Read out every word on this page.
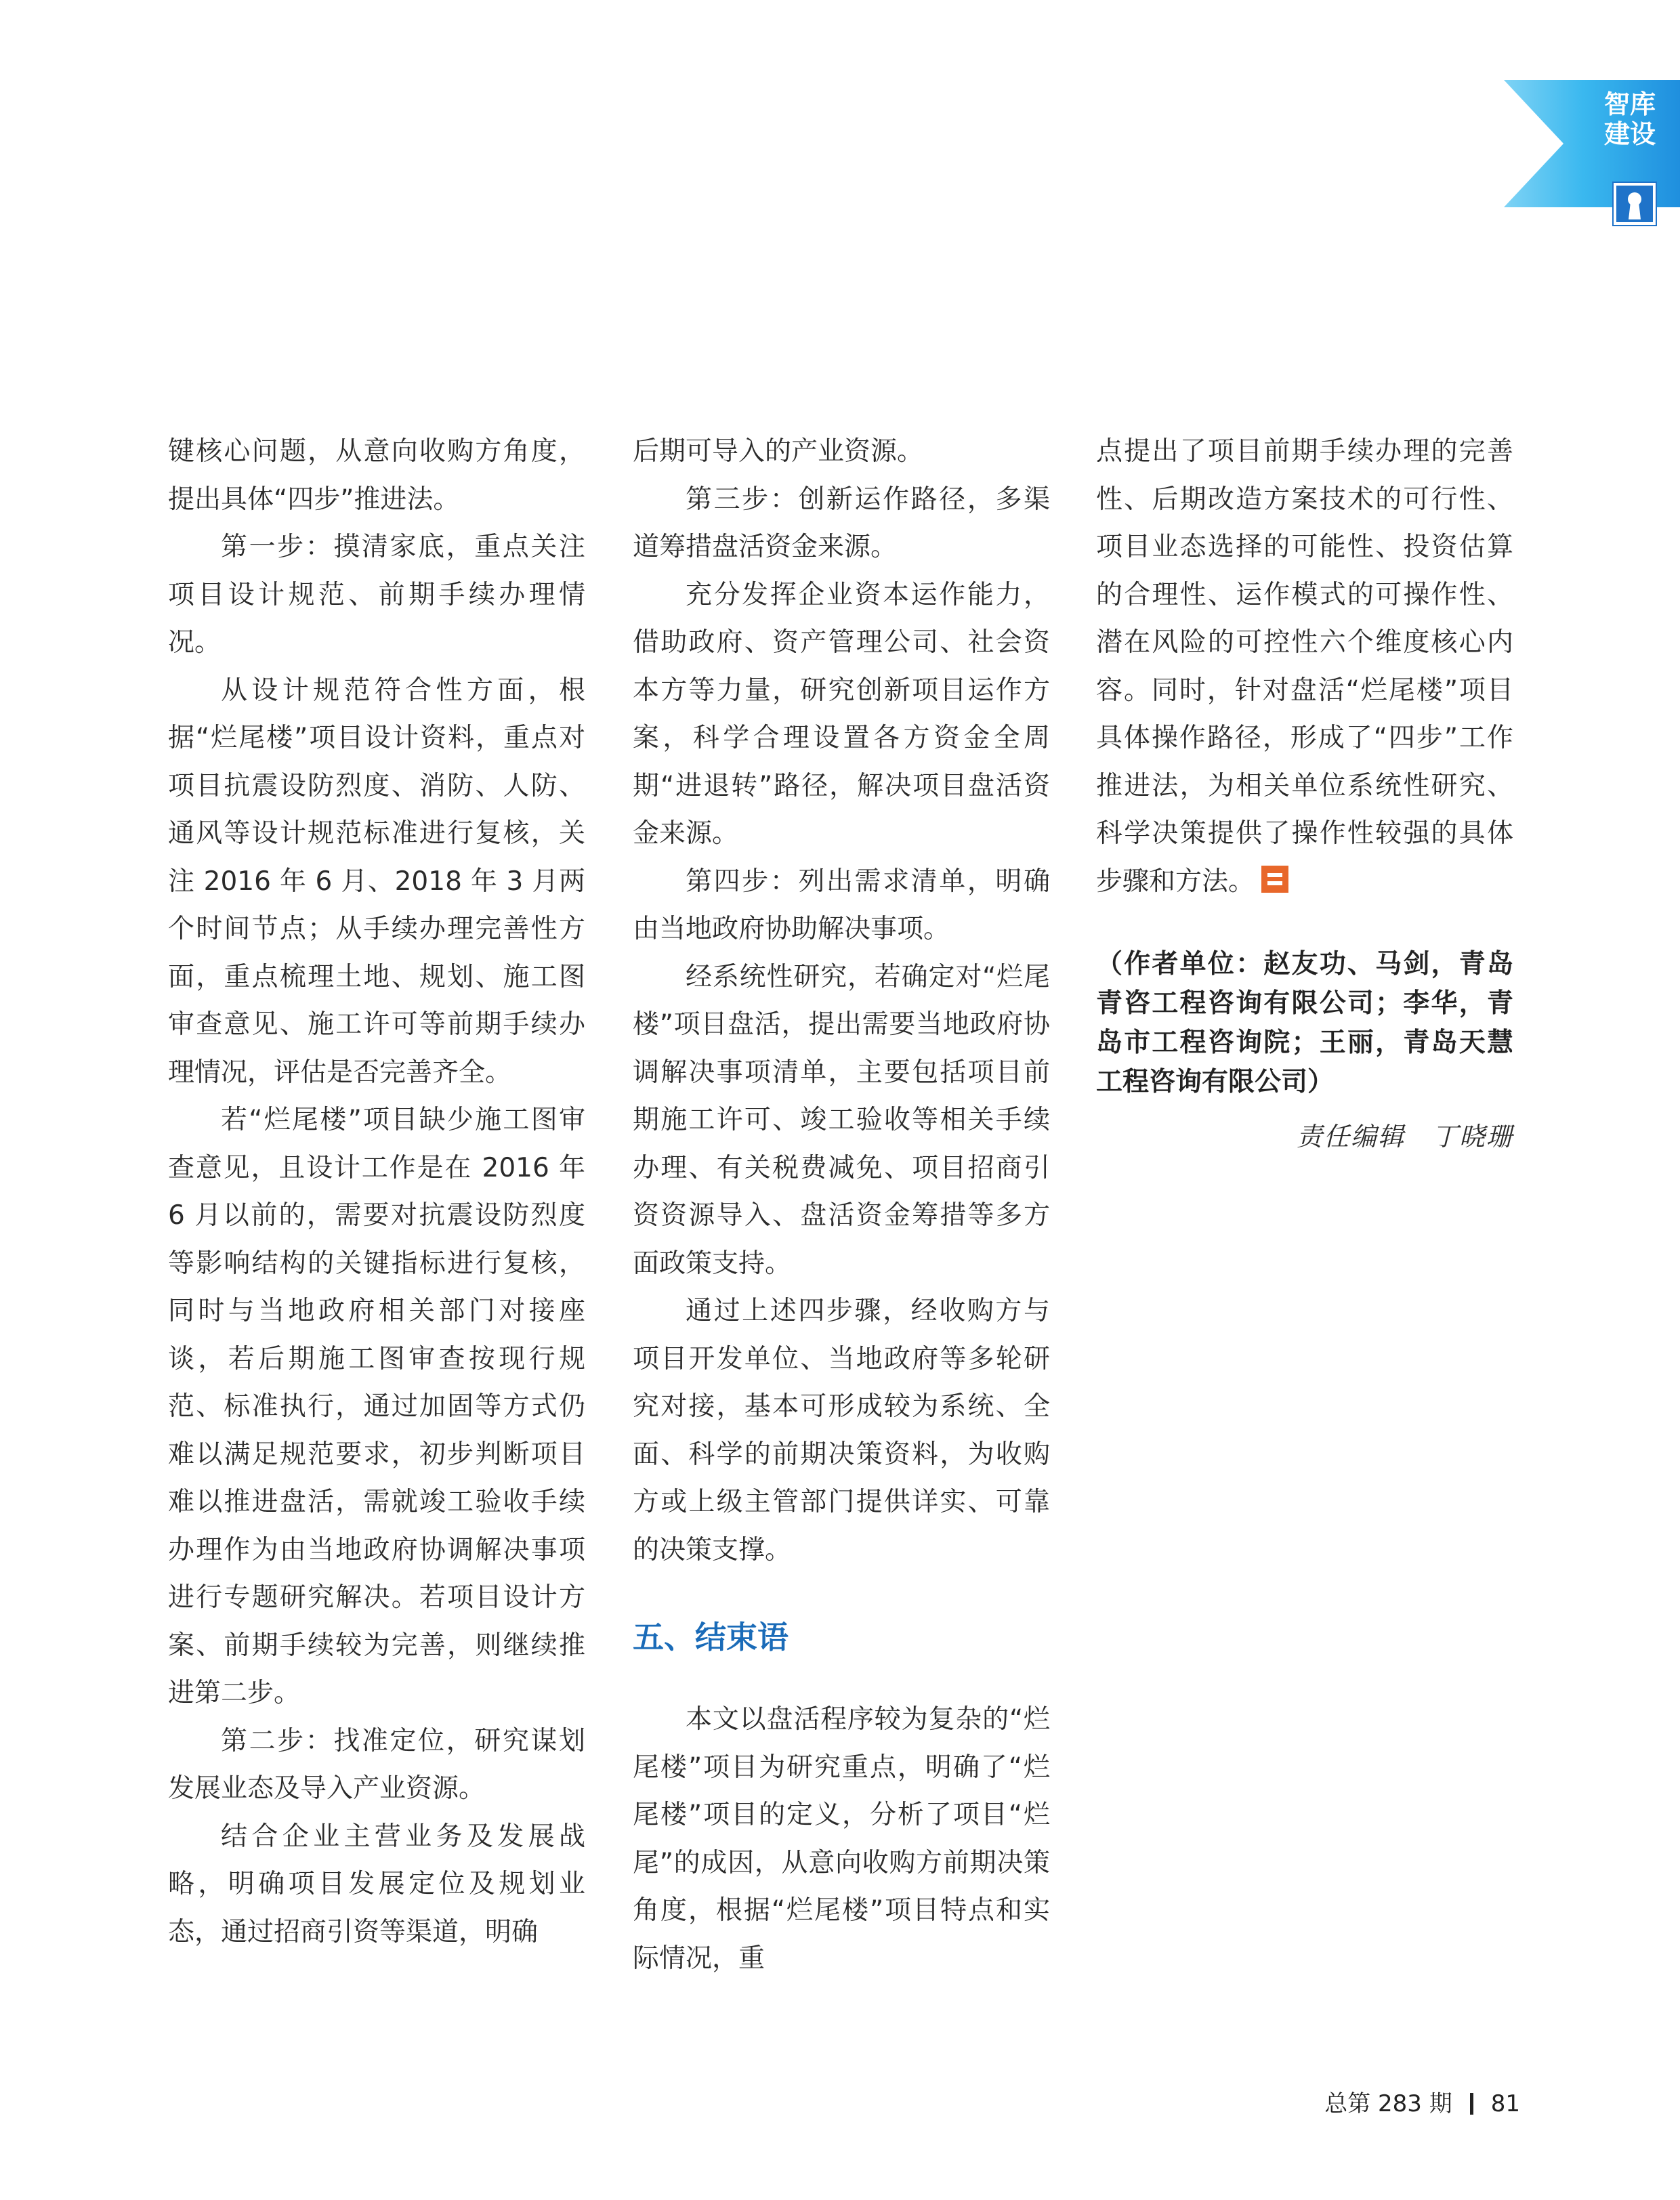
智库
建设

键核心问题，从意向收购方角度，提出具体“四步”推进法。

第一步：摸清家底，重点关注项目设计规范、前期手续办理情况。

从设计规范符合性方面，根据“烂尾楼”项目设计资料，重点对项目抗震设防烈度、消防、人防、通风等设计规范标准进行复核，关注 2016 年 6 月、2018 年 3 月两个时间节点；从手续办理完善性方面，重点梳理土地、规划、施工图审查意见、施工许可等前期手续办理情况，评估是否完善齐全。

若“烂尾楼”项目缺少施工图审查意见，且设计工作是在 2016 年 6 月以前的，需要对抗震设防烈度等影响结构的关键指标进行复核，同时与当地政府相关部门对接座谈，若后期施工图审查按现行规范、标准执行，通过加固等方式仍难以满足规范要求，初步判断项目难以推进盘活，需就竣工验收手续办理作为由当地政府协调解决事项进行专题研究解决。若项目设计方案、前期手续较为完善，则继续推进第二步。

第二步：找准定位，研究谋划发展业态及导入产业资源。

结合企业主营业务及发展战略，明确项目发展定位及规划业态，通过招商引资等渠道，明确

后期可导入的产业资源。

第三步：创新运作路径，多渠道筹措盘活资金来源。

充分发挥企业资本运作能力，借助政府、资产管理公司、社会资本方等力量，研究创新项目运作方案，科学合理设置各方资金全周期“进退转”路径，解决项目盘活资金来源。

第四步：列出需求清单，明确由当地政府协助解决事项。

经系统性研究，若确定对“烂尾楼”项目盘活，提出需要当地政府协调解决事项清单，主要包括项目前期施工许可、竣工验收等相关手续办理、有关税费减免、项目招商引资资源导入、盘活资金筹措等多方面政策支持。

通过上述四步骤，经收购方与项目开发单位、当地政府等多轮研究对接，基本可形成较为系统、全面、科学的前期决策资料，为收购方或上级主管部门提供详实、可靠的决策支撑。

五、结束语

本文以盘活程序较为复杂的“烂尾楼”项目为研究重点，明确了“烂尾楼”项目的定义，分析了项目“烂尾”的成因，从意向收购方前期决策角度，根据“烂尾楼”项目特点和实际情况，重

点提出了项目前期手续办理的完善性、后期改造方案技术的可行性、项目业态选择的可能性、投资估算的合理性、运作模式的可操作性、潜在风险的可控性六个维度核心内容。同时，针对盘活“烂尾楼”项目具体操作路径，形成了“四步”工作推进法，为相关单位系统性研究、科学决策提供了操作性较强的具体步骤和方法。

（作者单位：赵友功、马剑，青岛青咨工程咨询有限公司；李华，青岛市工程咨询院；王丽，青岛天慧工程咨询有限公司）

责任编辑　丁晓珊

总第 283 期 81
